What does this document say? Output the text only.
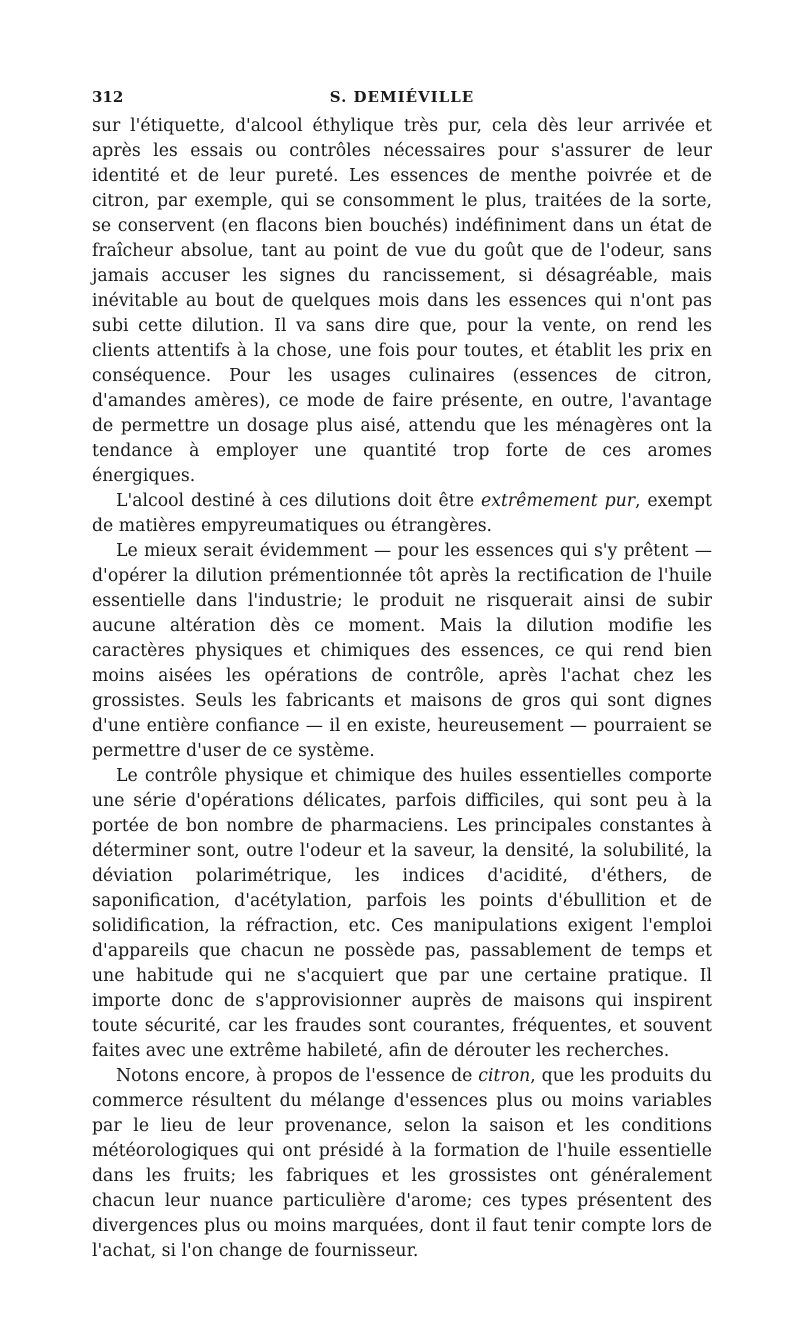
312	S. DEMIÉVILLE

sur l'étiquette, d'alcool éthylique très pur, cela dès leur arrivée et après les essais ou contrôles nécessaires pour s'assurer de leur identité et de leur pureté. Les essences de menthe poivrée et de citron, par exemple, qui se consomment le plus, traitées de la sorte, se conservent (en flacons bien bouchés) indéfiniment dans un état de fraîcheur absolue, tant au point de vue du goût que de l'odeur, sans jamais accuser les signes du rancissement, si désagréable, mais inévitable au bout de quelques mois dans les essences qui n'ont pas subi cette dilution. Il va sans dire que, pour la vente, on rend les clients attentifs à la chose, une fois pour toutes, et établit les prix en conséquence. Pour les usages culinaires (essences de citron, d'amandes amères), ce mode de faire présente, en outre, l'avantage de permettre un dosage plus aisé, attendu que les ménagères ont la tendance à employer une quantité trop forte de ces aromes énergiques.

L'alcool destiné à ces dilutions doit être extrêmement pur, exempt de matières empyreumatiques ou étrangères.

Le mieux serait évidemment — pour les essences qui s'y prêtent — d'opérer la dilution prémentionnée tôt après la rectification de l'huile essentielle dans l'industrie; le produit ne risquerait ainsi de subir aucune altération dès ce moment. Mais la dilution modifie les caractères physiques et chimiques des essences, ce qui rend bien moins aisées les opérations de contrôle, après l'achat chez les grossistes. Seuls les fabricants et maisons de gros qui sont dignes d'une entière confiance — il en existe, heureusement — pourraient se permettre d'user de ce système.

Le contrôle physique et chimique des huiles essentielles comporte une série d'opérations délicates, parfois difficiles, qui sont peu à la portée de bon nombre de pharmaciens. Les principales constantes à déterminer sont, outre l'odeur et la saveur, la densité, la solubilité, la déviation polarimétrique, les indices d'acidité, d'éthers, de saponification, d'acétylation, parfois les points d'ébullition et de solidification, la réfraction, etc. Ces manipulations exigent l'emploi d'appareils que chacun ne possède pas, passablement de temps et une habitude qui ne s'acquiert que par une certaine pratique. Il importe donc de s'approvisionner auprès de maisons qui inspirent toute sécurité, car les fraudes sont courantes, fréquentes, et souvent faites avec une extrême habileté, afin de dérouter les recherches.

Notons encore, à propos de l'essence de citron, que les produits du commerce résultent du mélange d'essences plus ou moins variables par le lieu de leur provenance, selon la saison et les conditions météorologiques qui ont présidé à la formation de l'huile essentielle dans les fruits; les fabriques et les grossistes ont généralement chacun leur nuance particulière d'arome; ces types présentent des divergences plus ou moins marquées, dont il faut tenir compte lors de l'achat, si l'on change de fournisseur.
